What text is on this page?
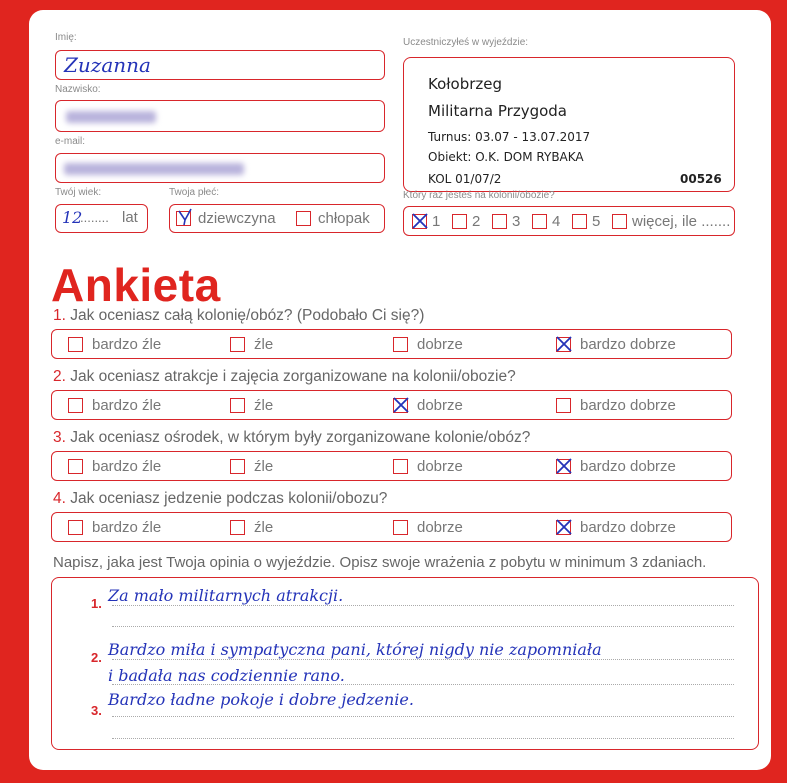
Imię:
Zuzanna
Nazwisko:
e-mail:
Twój wiek:
12
........ lat
Twoja płeć:
dziewczyna	chłopak
Uczestniczyłeś w wyjeździe:
Kołobrzeg
Militarna Przygoda
Turnus: 03.07 - 13.07.2017
Obiekt: O.K. DOM RYBAKA
KOL 01/07/2	00526
Który raz jesteś na kolonii/obozie?
1 2 3 4 5 więcej, ile .......
Ankieta
1. Jak oceniasz całą kolonię/obóz? (Podobało Ci się?)
bardzo źle	źle	dobrze	bardzo dobrze
2. Jak oceniasz atrakcje i zajęcia zorganizowane na kolonii/obozie?
bardzo źle	źle	dobrze	bardzo dobrze
3. Jak oceniasz ośrodek, w którym były zorganizowane kolonie/obóz?
bardzo źle	źle	dobrze	bardzo dobrze
4. Jak oceniasz jedzenie podczas kolonii/obozu?
bardzo źle	źle	dobrze	bardzo dobrze
Napisz, jaka jest Twoja opinia o wyjeździe. Opisz swoje wrażenia z pobytu w minimum 3 zdaniach.
1. Za mało militarnych atrakcji.
2. Bardzo miła i sympatyczna pani, której nigdy nie zapomniała
i badała nas codziennie rano.
3.
Bardzo ładne pokoje i dobre jedzenie.
